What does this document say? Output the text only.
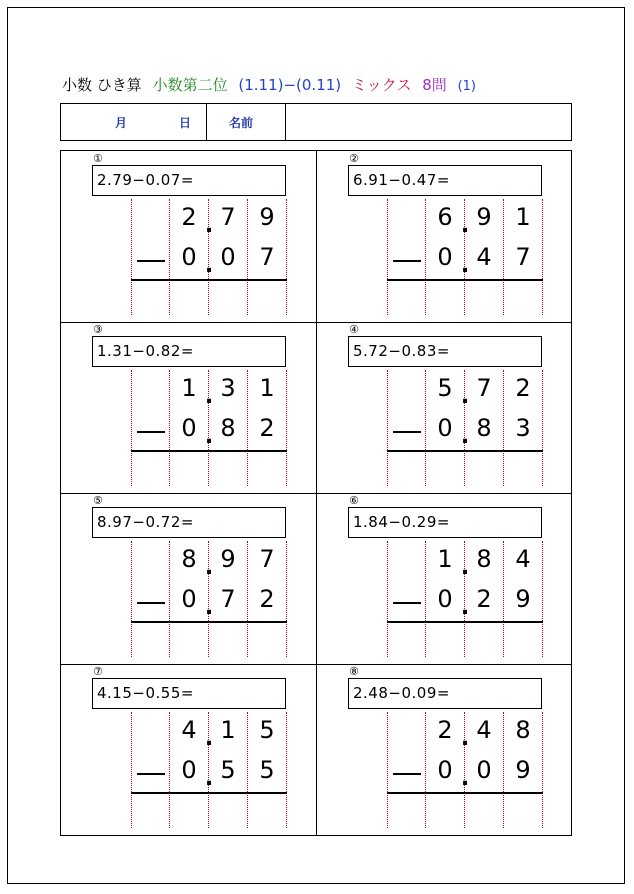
小数 ひき算 小数第二位 (1.11)−(0.11) ミックス 8問 (1)
月	日	名前
①
2.79−0.07=
2 7 9
0 0 7
.
.
②
6.91−0.47=
6 9 1
0 4 7
.
.
③
1.31−0.82=
1 3 1
0 8 2
.
.
④
5.72−0.83=
5 7 2
0 8 3
.
.
⑤
8.97−0.72=
8 9 7
0 7 2
.
.
⑥
1.84−0.29=
1 8 4
0 2 9
.
.
⑦
4.15−0.55=
4 1 5
0 5 5
.
.
⑧
2.48−0.09=
2 4 8
0 0 9
.
.
